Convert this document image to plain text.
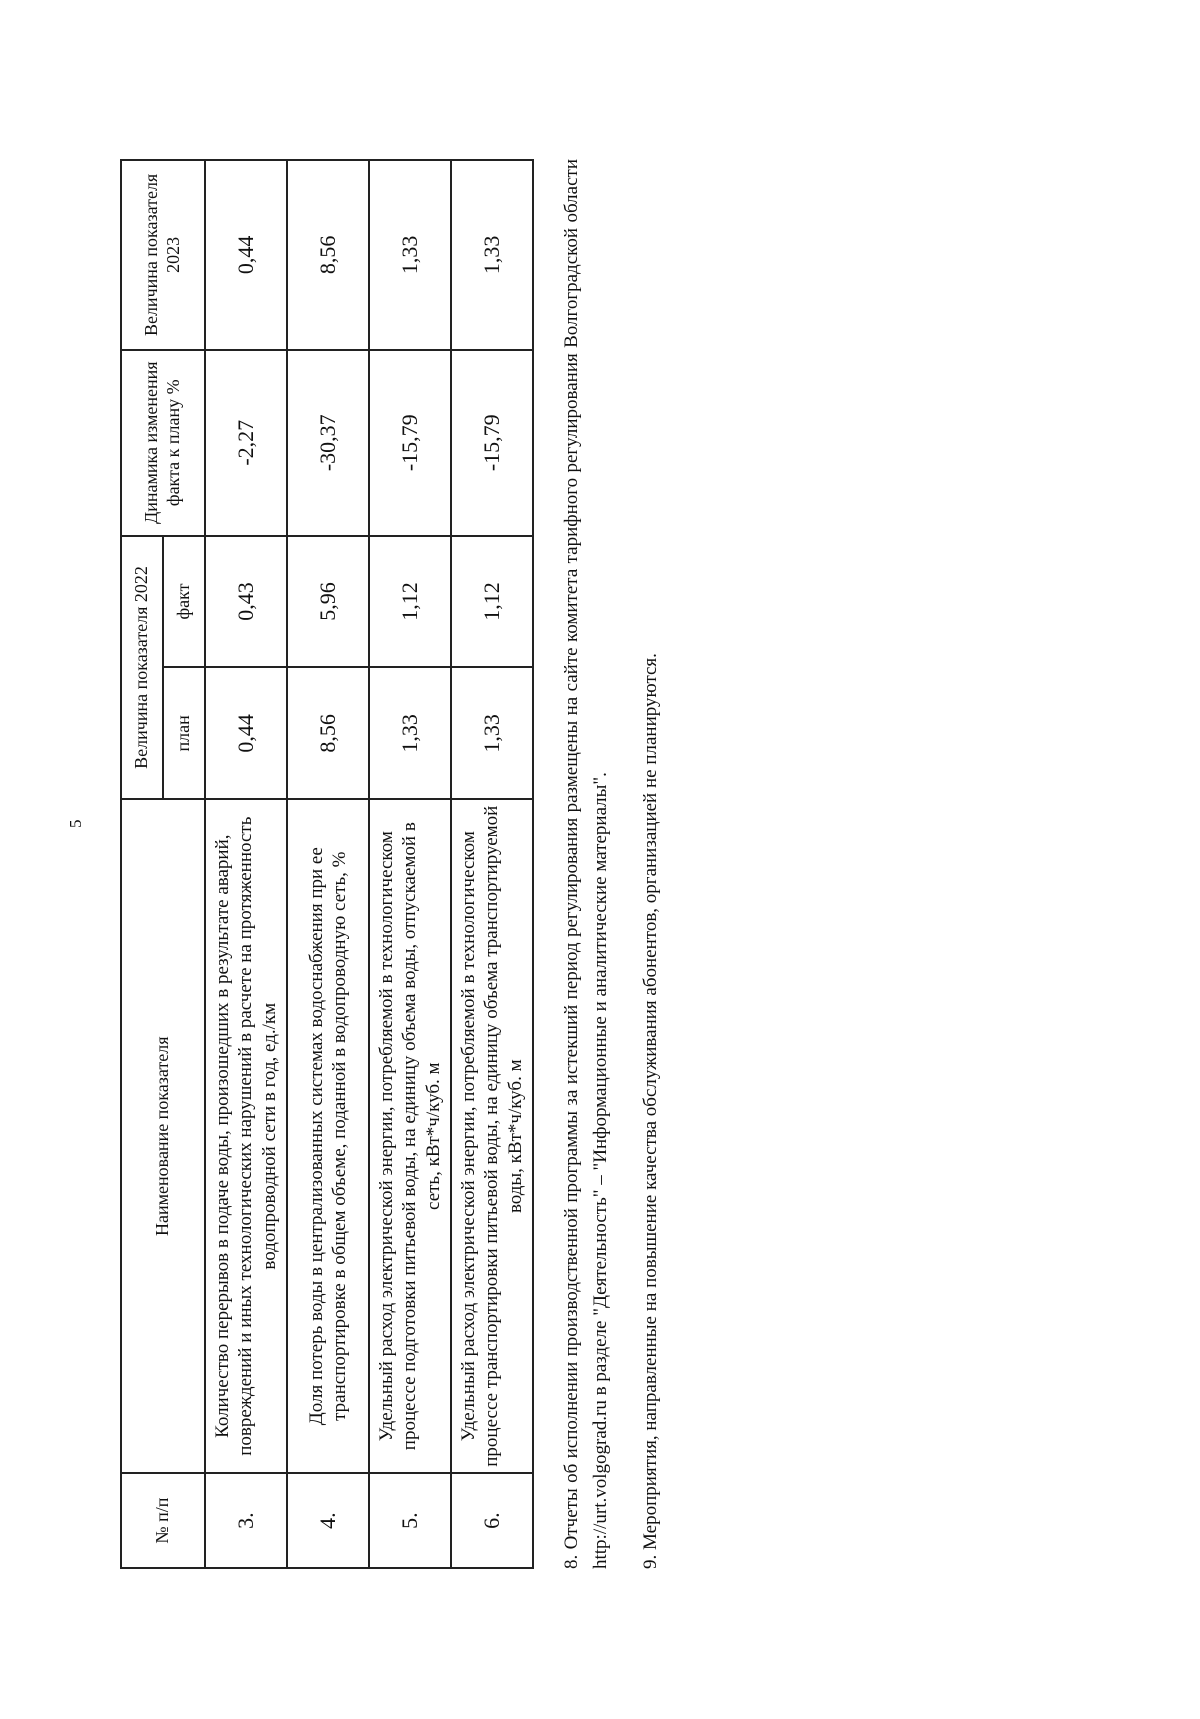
5
№ п/п	Наименование показателя	Величина показателя 2022		Динамика изменения факта к плану %	Величина показателя 2023
		план	факт		
3.	Количество перерывов в подаче воды, произошедших в результате аварий, повреждений и иных технологических нарушений в расчете на протяженность водопроводной сети в год, ед./км	0,44	0,43	-2,27	0,44
4.	Доля потерь воды в централизованных системах водоснабжения при ее транспортировке в общем объеме, поданной в водопроводную сеть, %	8,56	5,96	-30,37	8,56
5.	Удельный расход электрической энергии, потребляемой в технологическом процессе подготовки питьевой воды, на единицу объема воды, отпускаемой в сеть, кВт*ч/куб. м	1,33	1,12	-15,79	1,33
6.	Удельный расход электрической энергии, потребляемой в технологическом процессе транспортировки питьевой воды, на единицу объема транспортируемой воды, кВт*ч/куб. м	1,33	1,12	-15,79	1,33	8. Отчеты об исполнении производственной программы за истекший период регулирования размещены на сайте комитета тарифного регулирования Волгоградской области http://urt.volgograd.ru в разделе "Деятельность" – "Информационные и аналитические материалы". 9. Мероприятия, направленные на повышение качества обслуживания абонентов, организацией не планируются.
